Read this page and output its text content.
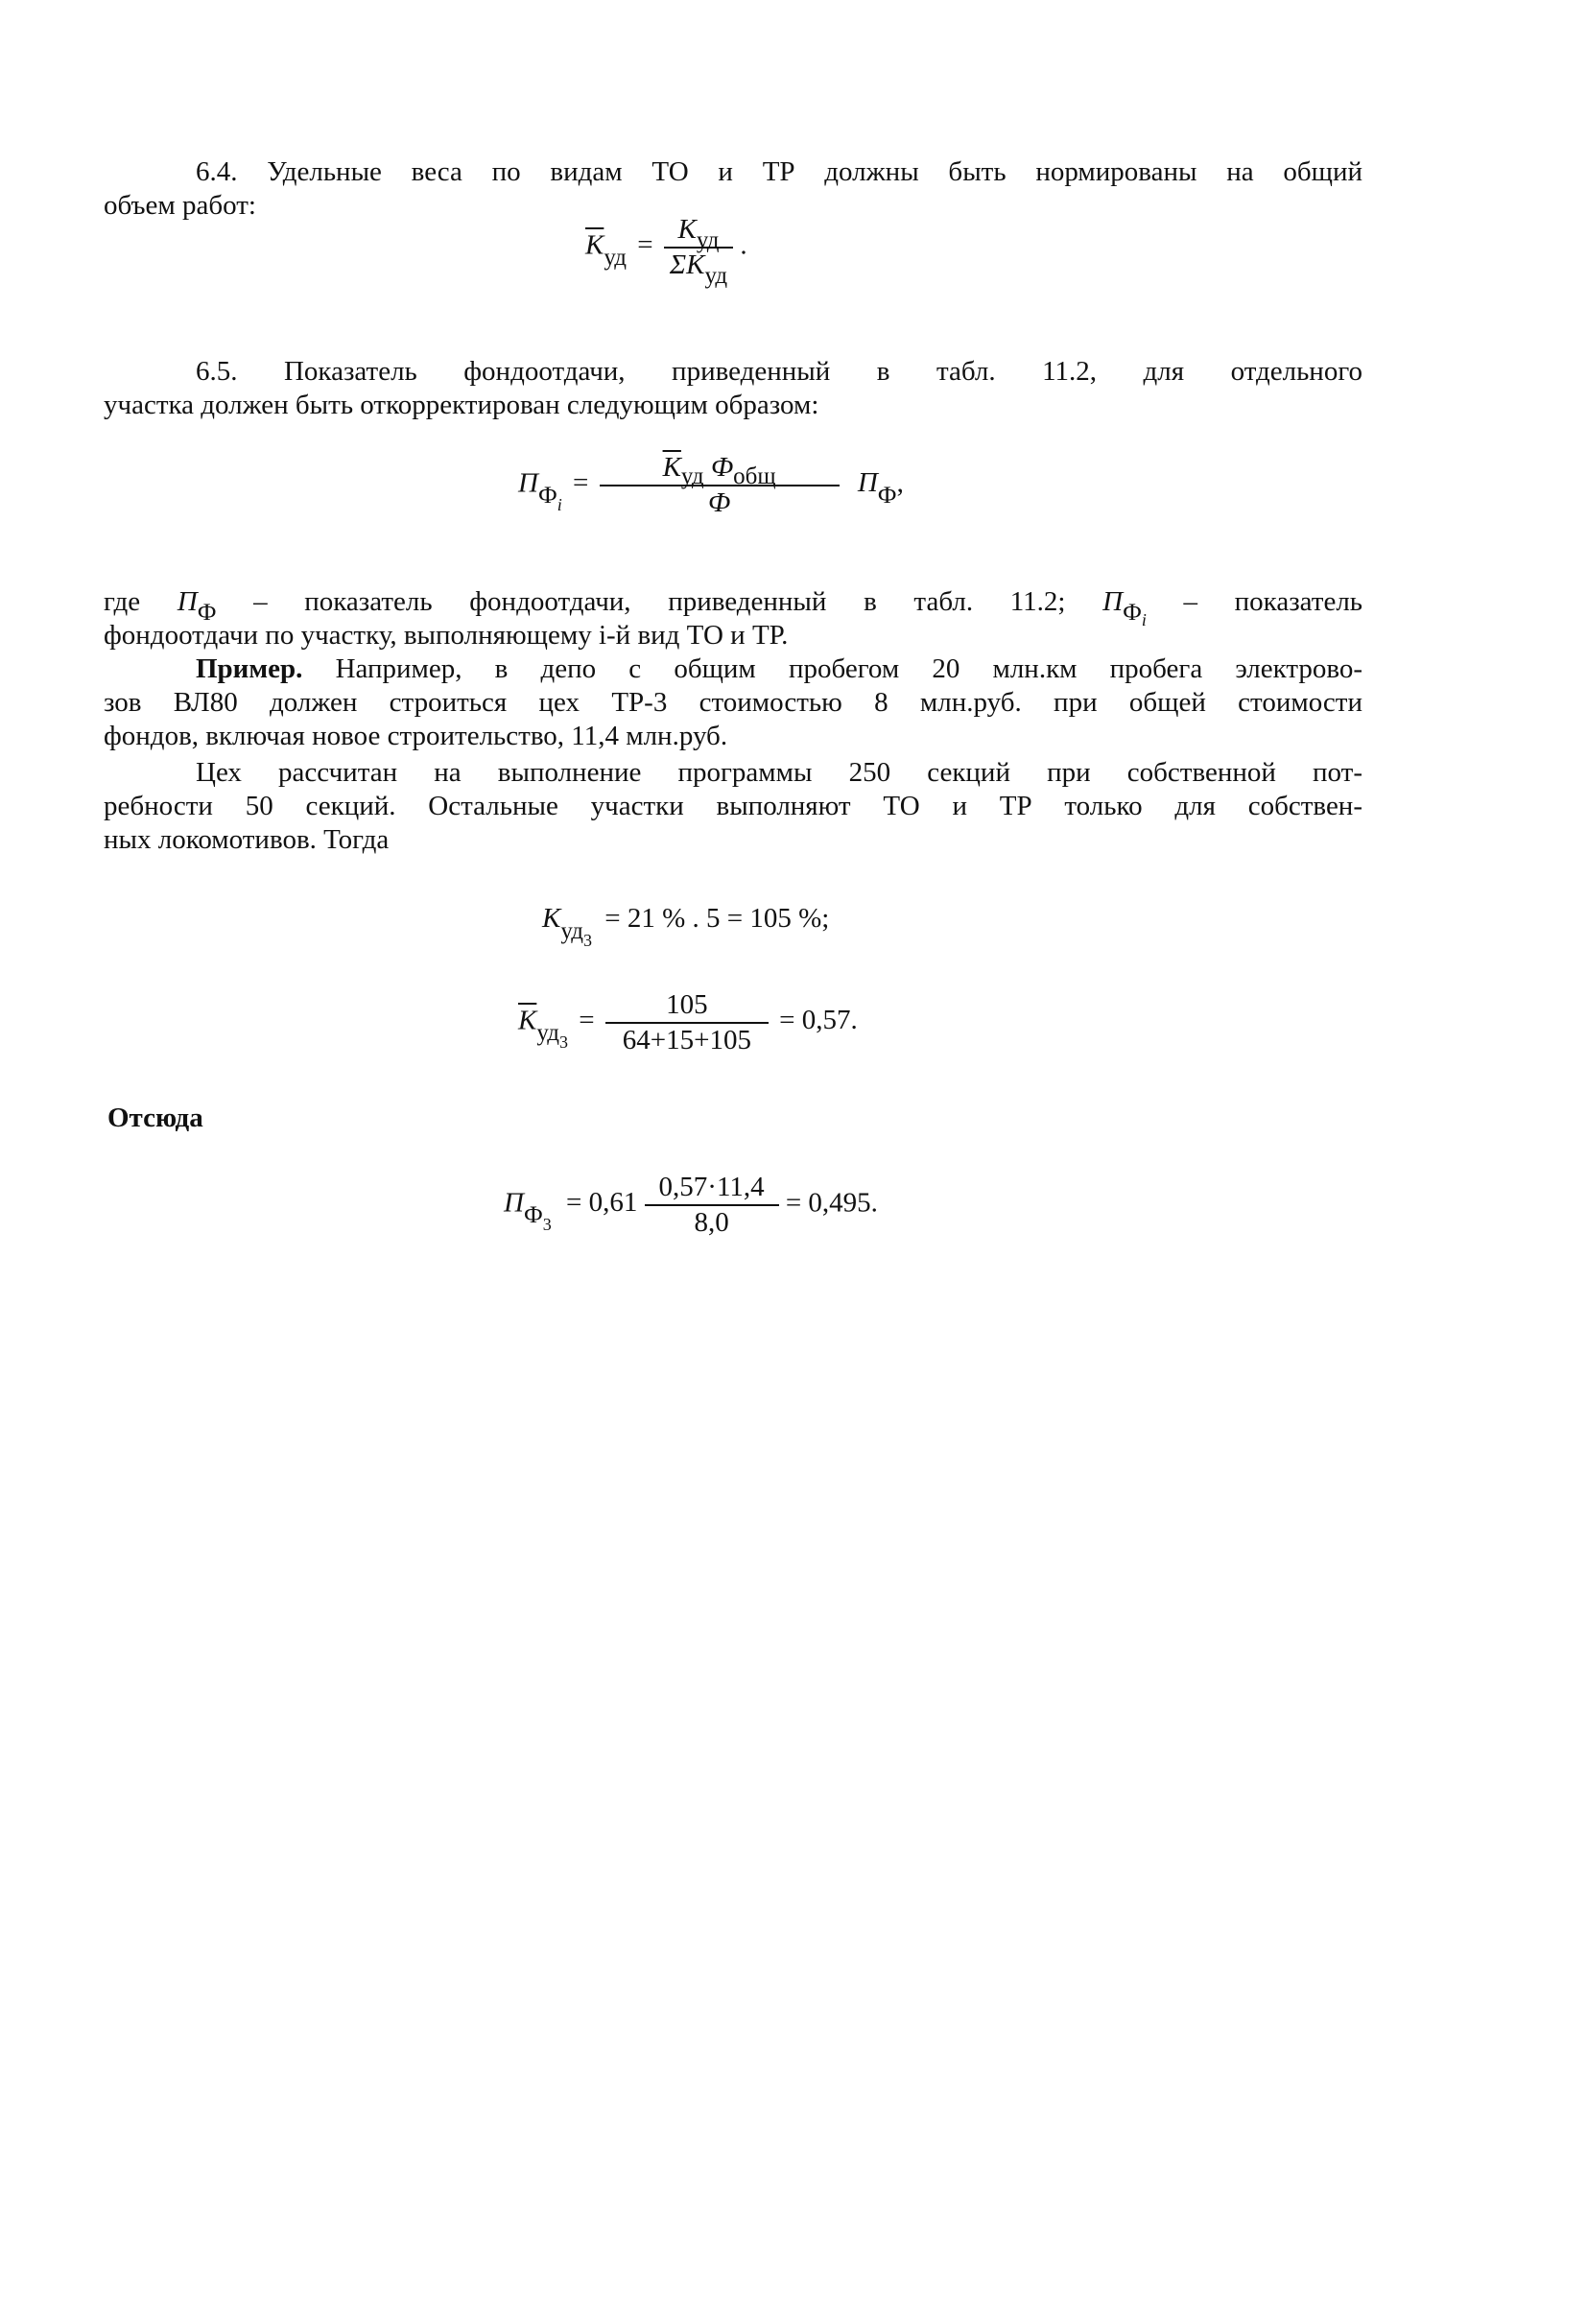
6.4. Удельные веса по видам ТО и ТР должны быть нормированы на общий
объем работ:
$\overline{K}уд = \frac{\text{Kуд}}{\text{ΣKуд}}$ .
6.5. Показатель фондоотдачи, приведенный в табл. 11.2, для отдельного
участка должен быть откорректирован следующим образом:
$ПФ_i = \frac{\overline{K}уд Фобщ}{Ф}$ ПФ,
где ПФ – показатель фондоотдачи, приведенный в табл. 11.2; $ПФ_i$ – показатель
фондоотдачи по участку, выполняющему i-й вид ТО и ТР.
Пример. Например, в депо с общим пробегом 20 млн.км пробега электрово-
зов ВЛ80 должен строиться цех ТР-3 стоимостью 8 млн.руб. при общей стоимости
фондов, включая новое строительство, 11,4 млн.руб.
Цех рассчитан на выполнение программы 250 секций при собственной пот-
ребности 50 секций. Остальные участки выполняют ТО и ТР только для собствен-
ных локомотивов. Тогда
Kуд$_3$ = 21 % . 5 = 105 %;
$\overline{K}уд_3 = \frac{105}{64+15+105} = 0,57$.
Отсюда
$ПФ_3 = 0,61 \frac{0,57\cdot 11,4}{8,0} = 0,495$.
